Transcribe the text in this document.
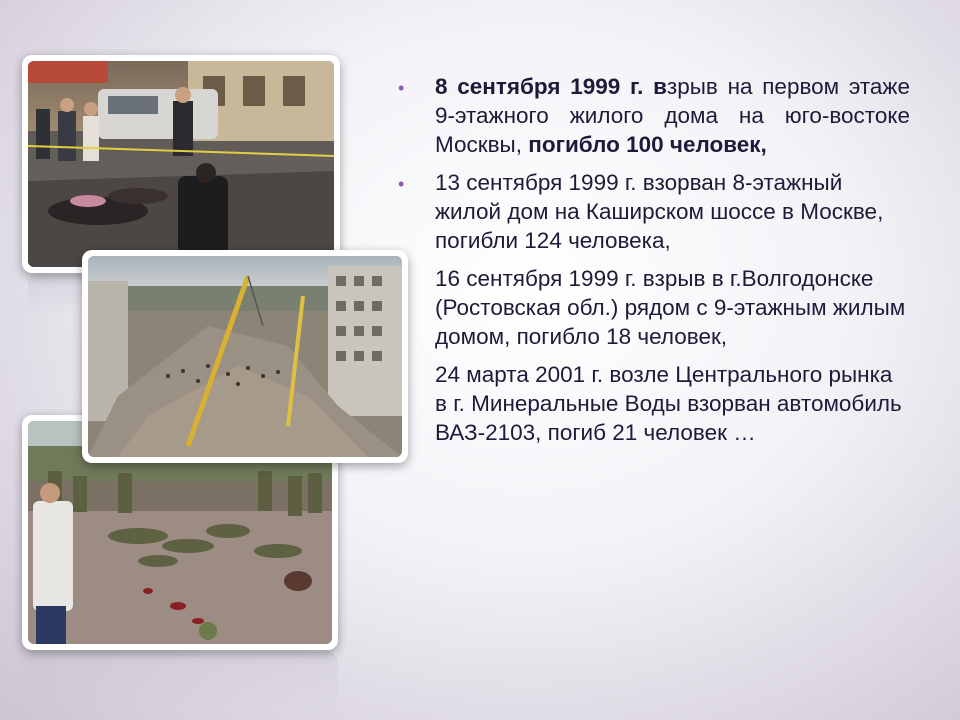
• 8 сентября 1999 г. взрыв на первом этаже 9-этажного жилого дома на юго-востоке Москвы, погибло 100 человек,
• 13 сентября 1999 г. взорван 8-этажный жилой дом на Каширском шоссе в Москве, погибли 124 человека,
16 сентября 1999 г. взрыв в г.Волгодонске (Ростовская обл.) рядом с 9-этажным жилым домом, погибло 18 человек,
24 марта 2001 г. возле Центрального рынка в г. Минеральные Воды взорван автомобиль ВАЗ-2103, погиб 21 человек …
